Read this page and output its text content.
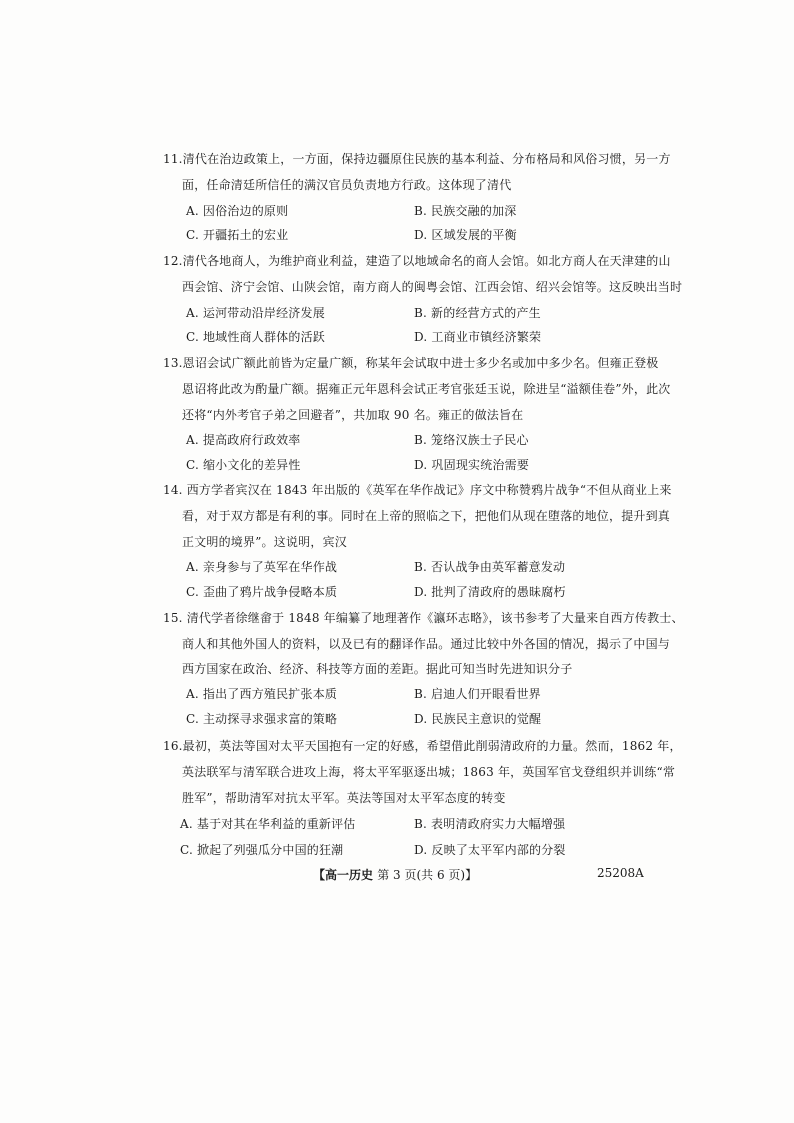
11.清代在治边政策上，一方面，保持边疆原住民族的基本利益、分布格局和风俗习惯，另一方
面，任命清廷所信任的满汉官员负责地方行政。这体现了清代
A. 因俗治边的原则	B. 民族交融的加深
C. 开疆拓土的宏业	D. 区域发展的平衡
12.清代各地商人，为维护商业利益，建造了以地域命名的商人会馆。如北方商人在天津建的山
西会馆、济宁会馆、山陕会馆，南方商人的闽粤会馆、江西会馆、绍兴会馆等。这反映出当时
A. 运河带动沿岸经济发展	B. 新的经营方式的产生
C. 地域性商人群体的活跃	D. 工商业市镇经济繁荣
13.恩诏会试广额此前皆为定量广额，称某年会试取中进士多少名或加中多少名。但雍正登极
恩诏将此改为酌量广额。据雍正元年恩科会试正考官张廷玉说，除进呈“溢额佳卷”外，此次
还将“内外考官子弟之回避者”，共加取 90 名。雍正的做法旨在
A. 提高政府行政效率	B. 笼络汉族士子民心
C. 缩小文化的差异性	D. 巩固现实统治需要
14. 西方学者宾汉在 1843 年出版的《英军在华作战记》序文中称赞鸦片战争“不但从商业上来
看，对于双方都是有利的事。同时在上帝的照临之下，把他们从现在堕落的地位，提升到真
正文明的境界”。这说明，宾汉
A. 亲身参与了英军在华作战	B. 否认战争由英军蓄意发动
C. 歪曲了鸦片战争侵略本质	D. 批判了清政府的愚昧腐朽
15. 清代学者徐继畲于 1848 年编纂了地理著作《瀛环志略》，该书参考了大量来自西方传教士、
商人和其他外国人的资料，以及已有的翻译作品。通过比较中外各国的情况，揭示了中国与
西方国家在政治、经济、科技等方面的差距。据此可知当时先进知识分子
A. 指出了西方殖民扩张本质	B. 启迪人们开眼看世界
C. 主动探寻求强求富的策略	D. 民族民主意识的觉醒
16.最初，英法等国对太平天国抱有一定的好感，希望借此削弱清政府的力量。然而，1862 年，
英法联军与清军联合进攻上海，将太平军驱逐出城；1863 年，英国军官戈登组织并训练“常
胜军”，帮助清军对抗太平军。英法等国对太平军态度的转变
A. 基于对其在华利益的重新评估	B. 表明清政府实力大幅增强
C. 掀起了列强瓜分中国的狂潮	D. 反映了太平军内部的分裂
【高一历史 第 3 页(共 6 页)】	25208A
